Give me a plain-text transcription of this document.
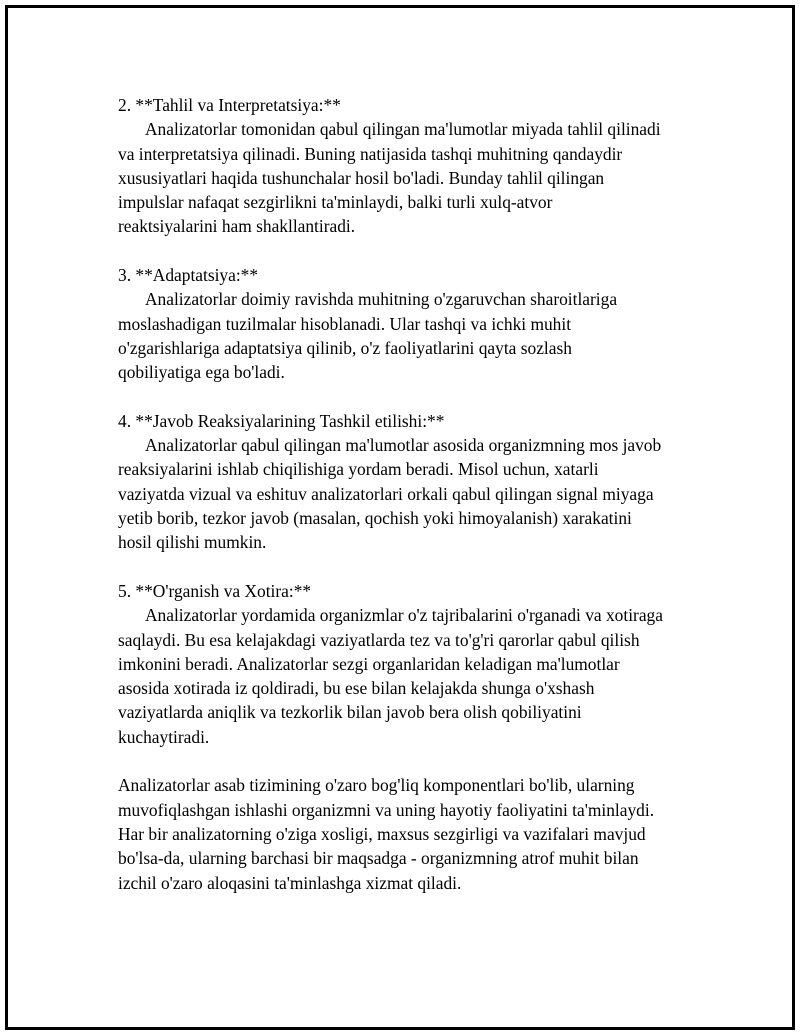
2. **Tahlil va Interpretatsiya:**
Analizatorlar tomonidan qabul qilingan ma'lumotlar miyada tahlil qilinadi
va interpretatsiya qilinadi. Buning natijasida tashqi muhitning qandaydir
xususiyatlari haqida tushunchalar hosil bo'ladi. Bunday tahlil qilingan
impulslar nafaqat sezgirlikni ta'minlaydi, balki turli xulq-atvor
reaktsiyalarini ham shakllantiradi.
3. **Adaptatsiya:**
Analizatorlar doimiy ravishda muhitning o'zgaruvchan sharoitlariga
moslashadigan tuzilmalar hisoblanadi. Ular tashqi va ichki muhit
o'zgarishlariga adaptatsiya qilinib, o'z faoliyatlarini qayta sozlash
qobiliyatiga ega bo'ladi.
4. **Javob Reaksiyalarining Tashkil etilishi:**
Analizatorlar qabul qilingan ma'lumotlar asosida organizmning mos javob
reaksiyalarini ishlab chiqilishiga yordam beradi. Misol uchun, xatarli
vaziyatda vizual va eshituv analizatorlari orkali qabul qilingan signal miyaga
yetib borib, tezkor javob (masalan, qochish yoki himoyalanish) xarakatini
hosil qilishi mumkin.
5. **O'rganish va Xotira:**
Analizatorlar yordamida organizmlar o'z tajribalarini o'rganadi va xotiraga
saqlaydi. Bu esa kelajakdagi vaziyatlarda tez va to'g'ri qarorlar qabul qilish
imkonini beradi. Analizatorlar sezgi organlaridan keladigan ma'lumotlar
asosida xotirada iz qoldiradi, bu ese bilan kelajakda shunga o'xshash
vaziyatlarda aniqlik va tezkorlik bilan javob bera olish qobiliyatini
kuchaytiradi.
Analizatorlar asab tizimining o'zaro bog'liq komponentlari bo'lib, ularning
muvofiqlashgan ishlashi organizmni va uning hayotiy faoliyatini ta'minlaydi.
Har bir analizatorning o'ziga xosligi, maxsus sezgirligi va vazifalari mavjud
bo'lsa-da, ularning barchasi bir maqsadga - organizmning atrof muhit bilan
izchil o'zaro aloqasini ta'minlashga xizmat qiladi.
